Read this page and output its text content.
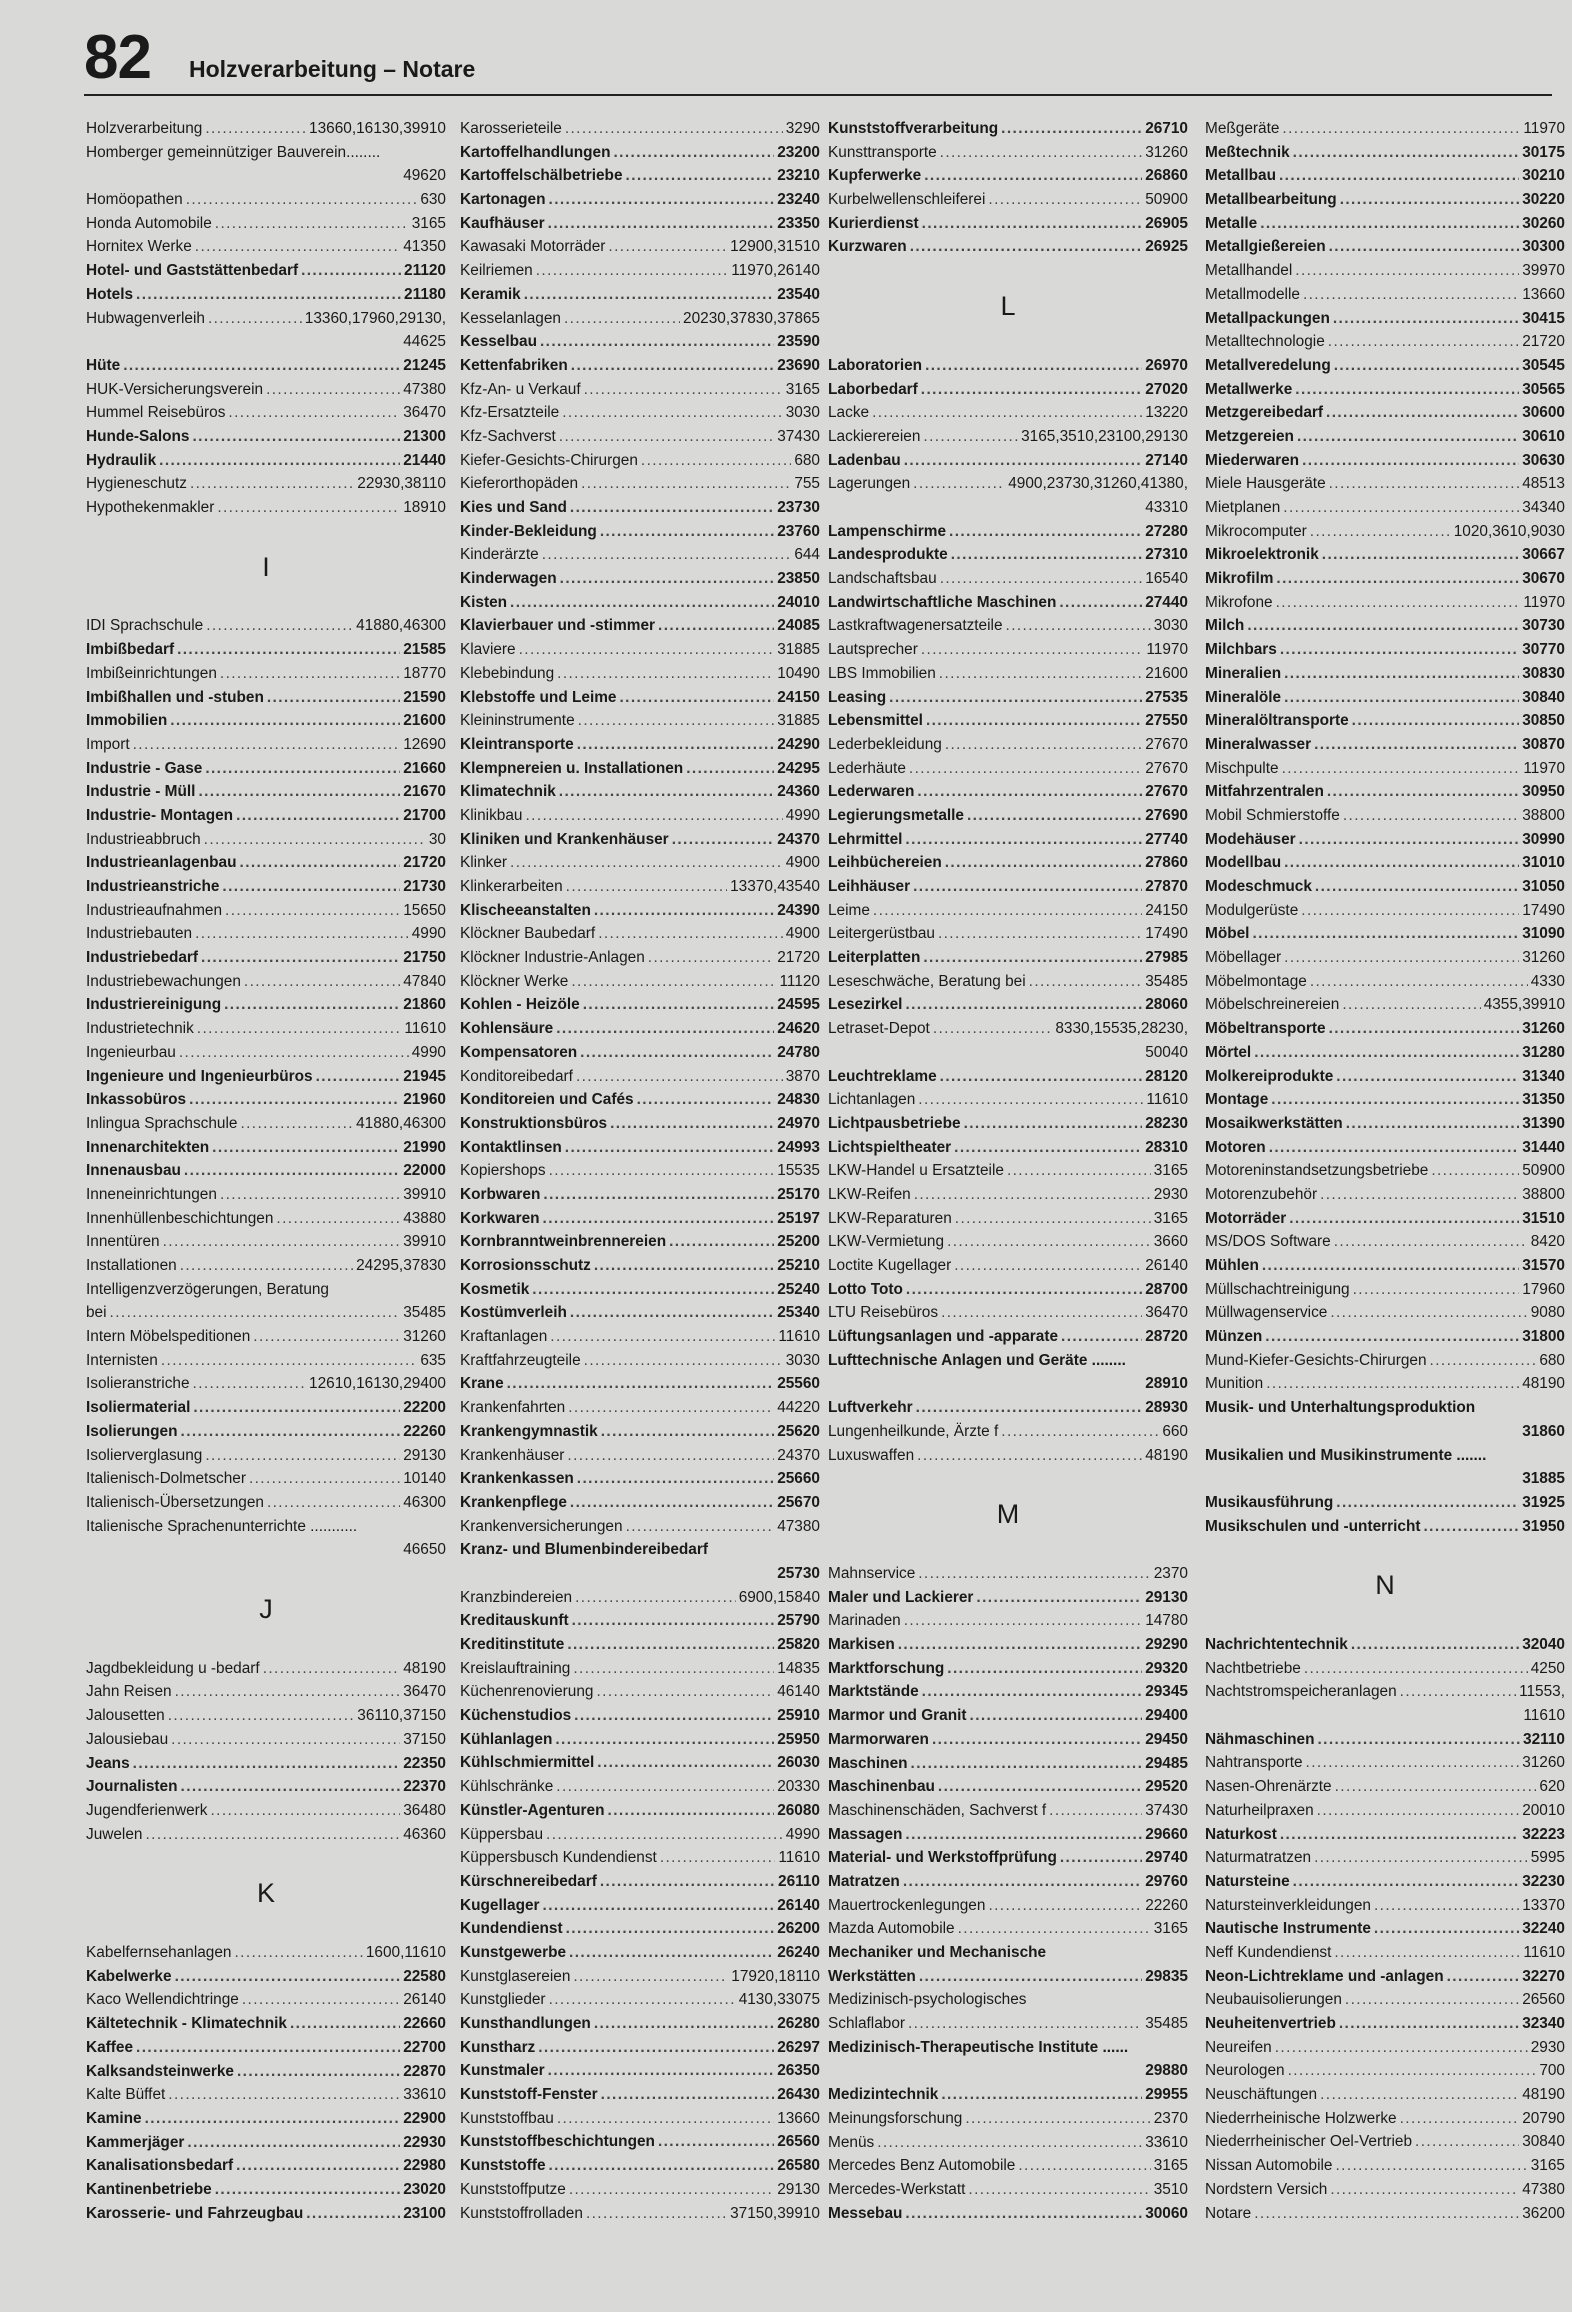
82 Holzverarbeitung – Notare
Holzverarbeitung .....	13660,16130,39910
Homberger gemeinnütziger Bauverein........
49620
Homöopathen .....	630
Honda Automobile .....	3165
Hornitex Werke .....	41350
Hotel- und Gaststättenbedarf .....	21120
Hotels .....	21180
Hubwagenverleih .....	13360,17960,29130,
44625
Hüte .....	21245
HUK-Versicherungsverein .....	47380
Hummel Reisebüros .....	36470
Hunde-Salons .....	21300
Hydraulik .....	21440
Hygieneschutz .....	22930,38110
Hypothekenmakler .....	18910
I
IDI Sprachschule .....	41880,46300
Imbißbedarf .....	21585
Imbißeinrichtungen .....	18770
Imbißhallen und -stuben .....	21590
Immobilien .....	21600
Import .....	12690
Industrie - Gase .....	21660
Industrie - Müll .....	21670
Industrie- Montagen .....	21700
Industrieabbruch .....	30
Industrieanlagenbau .....	21720
Industrieanstriche .....	21730
Industrieaufnahmen .....	15650
Industriebauten .....	4990
Industriebedarf .....	21750
Industriebewachungen .....	47840
Industriereinigung .....	21860
Industrietechnik .....	11610
Ingenieurbau .....	4990
Ingenieure und Ingenieurbüros .....	21945
Inkassobüros .....	21960
Inlingua Sprachschule .....	41880,46300
Innenarchitekten .....	21990
Innenausbau .....	22000
Inneneinrichtungen .....	39910
Innenhüllenbeschichtungen .....	43880
Innentüren .....	39910
Installationen .....	24295,37830
Intelligenzverzögerungen, Beratung
bei .....	35485
Intern Möbelspeditionen .....	31260
Internisten .....	635
Isolieranstriche .....	12610,16130,29400
Isoliermaterial .....	22200
Isolierungen .....	22260
Isolierverglasung .....	29130
Italienisch-Dolmetscher .....	10140
Italienisch-Übersetzungen .....	46300
Italienische Sprachenunterrichte ...........
46650
J
Jagdbekleidung u -bedarf .....	48190
Jahn Reisen .....	36470
Jalousetten .....	36110,37150
Jalousiebau .....	37150
Jeans .....	22350
Journalisten .....	22370
Jugendferienwerk .....	36480
Juwelen .....	46360
K
Kabelfernsehanlagen .....	1600,11610
Kabelwerke .....	22580
Kaco Wellendichtringe .....	26140
Kältetechnik - Klimatechnik .....	22660
Kaffee .....	22700
Kalksandsteinwerke .....	22870
Kalte Büffet .....	33610
Kamine .....	22900
Kammerjäger .....	22930
Kanalisationsbedarf .....	22980
Kantinenbetriebe .....	23020
Karosserie- und Fahrzeugbau .....	23100
Karosserieteile .....	3290
Kartoffelhandlungen .....	23200
Kartoffelschälbetriebe .....	23210
Kartonagen .....	23240
Kaufhäuser .....	23350
Kawasaki Motorräder .....	12900,31510
Keilriemen .....	11970,26140
Keramik .....	23540
Kesselanlagen .....	20230,37830,37865
Kesselbau .....	23590
Kettenfabriken .....	23690
Kfz-An- u Verkauf .....	3165
Kfz-Ersatzteile .....	3030
Kfz-Sachverst .....	37430
Kiefer-Gesichts-Chirurgen .....	680
Kieferorthopäden .....	755
Kies und Sand .....	23730
Kinder-Bekleidung .....	23760
Kinderärzte .....	644
Kinderwagen .....	23850
Kisten .....	24010
Klavierbauer und -stimmer .....	24085
Klaviere .....	31885
Klebebindung .....	10490
Klebstoffe und Leime .....	24150
Kleininstrumente .....	31885
Kleintransporte .....	24290
Klempnereien u. Installationen .....	24295
Klimatechnik .....	24360
Klinikbau .....	4990
Kliniken und Krankenhäuser .....	24370
Klinker .....	4900
Klinkerarbeiten .....	13370,43540
Klischeeanstalten .....	24390
Klöckner Baubedarf .....	4900
Klöckner Industrie-Anlagen .....	21720
Klöckner Werke .....	11120
Kohlen - Heizöle .....	24595
Kohlensäure .....	24620
Kompensatoren .....	24780
Konditoreibedarf .....	3870
Konditoreien und Cafés .....	24830
Konstruktionsbüros .....	24970
Kontaktlinsen .....	24993
Kopiershops .....	15535
Korbwaren .....	25170
Korkwaren .....	25197
Kornbranntweinbrennereien .....	25200
Korrosionsschutz .....	25210
Kosmetik .....	25240
Kostümverleih .....	25340
Kraftanlagen .....	11610
Kraftfahrzeugteile .....	3030
Krane .....	25560
Krankenfahrten .....	44220
Krankengymnastik .....	25620
Krankenhäuser .....	24370
Krankenkassen .....	25660
Krankenpflege .....	25670
Krankenversicherungen .....	47380
Kranz- und Blumenbindereibedarf
25730
Kranzbindereien .....	6900,15840
Kreditauskunft .....	25790
Kreditinstitute .....	25820
Kreislauftraining .....	14835
Küchenrenovierung .....	46140
Küchenstudios .....	25910
Kühlanlagen .....	25950
Kühlschmiermittel .....	26030
Kühlschränke .....	20330
Künstler-Agenturen .....	26080
Küppersbau .....	4990
Küppersbusch Kundendienst .....	11610
Kürschnereibedarf .....	26110
Kugellager .....	26140
Kundendienst .....	26200
Kunstgewerbe .....	26240
Kunstglasereien .....	17920,18110
Kunstglieder .....	4130,33075
Kunsthandlungen .....	26280
Kunstharz .....	26297
Kunstmaler .....	26350
Kunststoff-Fenster .....	26430
Kunststoffbau .....	13660
Kunststoffbeschichtungen .....	26560
Kunststoffe .....	26580
Kunststoffputze .....	29130
Kunststoffrolladen .....	37150,39910
Kunststoffverarbeitung .....	26710
Kunsttransporte .....	31260
Kupferwerke .....	26860
Kurbelwellenschleiferei .....	50900
Kurierdienst .....	26905
Kurzwaren .....	26925
L
Laboratorien .....	26970
Laborbedarf .....	27020
Lacke .....	13220
Lackierereien .....	3165,3510,23100,29130
Ladenbau .....	27140
Lagerungen .....	4900,23730,31260,41380,
43310
Lampenschirme .....	27280
Landesprodukte .....	27310
Landschaftsbau .....	16540
Landwirtschaftliche Maschinen .....	27440
Lastkraftwagenersatzteile .....	3030
Lautsprecher .....	11970
LBS Immobilien .....	21600
Leasing .....	27535
Lebensmittel .....	27550
Lederbekleidung .....	27670
Lederhäute .....	27670
Lederwaren .....	27670
Legierungsmetalle .....	27690
Lehrmittel .....	27740
Leihbüchereien .....	27860
Leihhäuser .....	27870
Leime .....	24150
Leitergerüstbau .....	17490
Leiterplatten .....	27985
Leseschwäche, Beratung bei .....	35485
Lesezirkel .....	28060
Letraset-Depot .....	8330,15535,28230,
50040
Leuchtreklame .....	28120
Lichtanlagen .....	11610
Lichtpausbetriebe .....	28230
Lichtspieltheater .....	28310
LKW-Handel u Ersatzteile .....	3165
LKW-Reifen .....	2930
LKW-Reparaturen .....	3165
LKW-Vermietung .....	3660
Loctite Kugellager .....	26140
Lotto Toto .....	28700
LTU Reisebüros .....	36470
Lüftungsanlagen und -apparate .....	28720
Lufttechnische Anlagen und Geräte ........
28910
Luftverkehr .....	28930
Lungenheilkunde, Ärzte f .....	660
Luxuswaffen .....	48190
M
Mahnservice .....	2370
Maler und Lackierer .....	29130
Marinaden .....	14780
Markisen .....	29290
Marktforschung .....	29320
Marktstände .....	29345
Marmor und Granit .....	29400
Marmorwaren .....	29450
Maschinen .....	29485
Maschinenbau .....	29520
Maschinenschäden, Sachverst f .....	37430
Massagen .....	29660
Material- und Werkstoffprüfung .....	29740
Matratzen .....	29760
Mauertrockenlegungen .....	22260
Mazda Automobile .....	3165
Mechaniker und Mechanische
Werkstätten .....	29835
Medizinisch-psychologisches
Schlaflabor .....	35485
Medizinisch-Therapeutische Institute ......
29880
Medizintechnik .....	29955
Meinungsforschung .....	2370
Menüs .....	33610
Mercedes Benz Automobile .....	3165
Mercedes-Werkstatt .....	3510
Messebau .....	30060
Meßgeräte .....	11970
Meßtechnik .....	30175
Metallbau .....	30210
Metallbearbeitung .....	30220
Metalle .....	30260
Metallgießereien .....	30300
Metallhandel .....	39970
Metallmodelle .....	13660
Metallpackungen .....	30415
Metalltechnologie .....	21720
Metallveredelung .....	30545
Metallwerke .....	30565
Metzgereibedarf .....	30600
Metzgereien .....	30610
Miederwaren .....	30630
Miele Hausgeräte .....	48513
Mietplanen .....	34340
Mikrocomputer .....	1020,3610,9030
Mikroelektronik .....	30667
Mikrofilm .....	30670
Mikrofone .....	11970
Milch .....	30730
Milchbars .....	30770
Mineralien .....	30830
Mineralöle .....	30840
Mineralöltransporte .....	30850
Mineralwasser .....	30870
Mischpulte .....	11970
Mitfahrzentralen .....	30950
Mobil Schmierstoffe .....	38800
Modehäuser .....	30990
Modellbau .....	31010
Modeschmuck .....	31050
Modulgerüste .....	17490
Möbel .....	31090
Möbellager .....	31260
Möbelmontage .....	4330
Möbelschreinereien .....	4355,39910
Möbeltransporte .....	31260
Mörtel .....	31280
Molkereiprodukte .....	31340
Montage .....	31350
Mosaikwerkstätten .....	31390
Motoren .....	31440
Motoreninstandsetzungsbetriebe .....	50900
Motorenzubehör .....	38800
Motorräder .....	31510
MS/DOS Software .....	8420
Mühlen .....	31570
Müllschachtreinigung .....	17960
Müllwagenservice .....	9080
Münzen .....	31800
Mund-Kiefer-Gesichts-Chirurgen .....	680
Munition .....	48190
Musik- und Unterhaltungsproduktion
31860
Musikalien und Musikinstrumente .......
31885
Musikausführung .....	31925
Musikschulen und -unterricht .....	31950
N
Nachrichtentechnik .....	32040
Nachtbetriebe .....	4250
Nachtstromspeicheranlagen .....	11553,
11610
Nähmaschinen .....	32110
Nahtransporte .....	31260
Nasen-Ohrenärzte .....	620
Naturheilpraxen .....	20010
Naturkost .....	32223
Naturmatratzen .....	5995
Natursteine .....	32230
Natursteinverkleidungen .....	13370
Nautische Instrumente .....	32240
Neff Kundendienst .....	11610
Neon-Lichtreklame und -anlagen .....	32270
Neubauisolierungen .....	26560
Neuheitenvertrieb .....	32340
Neureifen .....	2930
Neurologen .....	700
Neuschäftungen .....	48190
Niederrheinische Holzwerke .....	20790
Niederrheinischer Oel-Vertrieb .....	30840
Nissan Automobile .....	3165
Nordstern Versich .....	47380
Notare .....	36200
